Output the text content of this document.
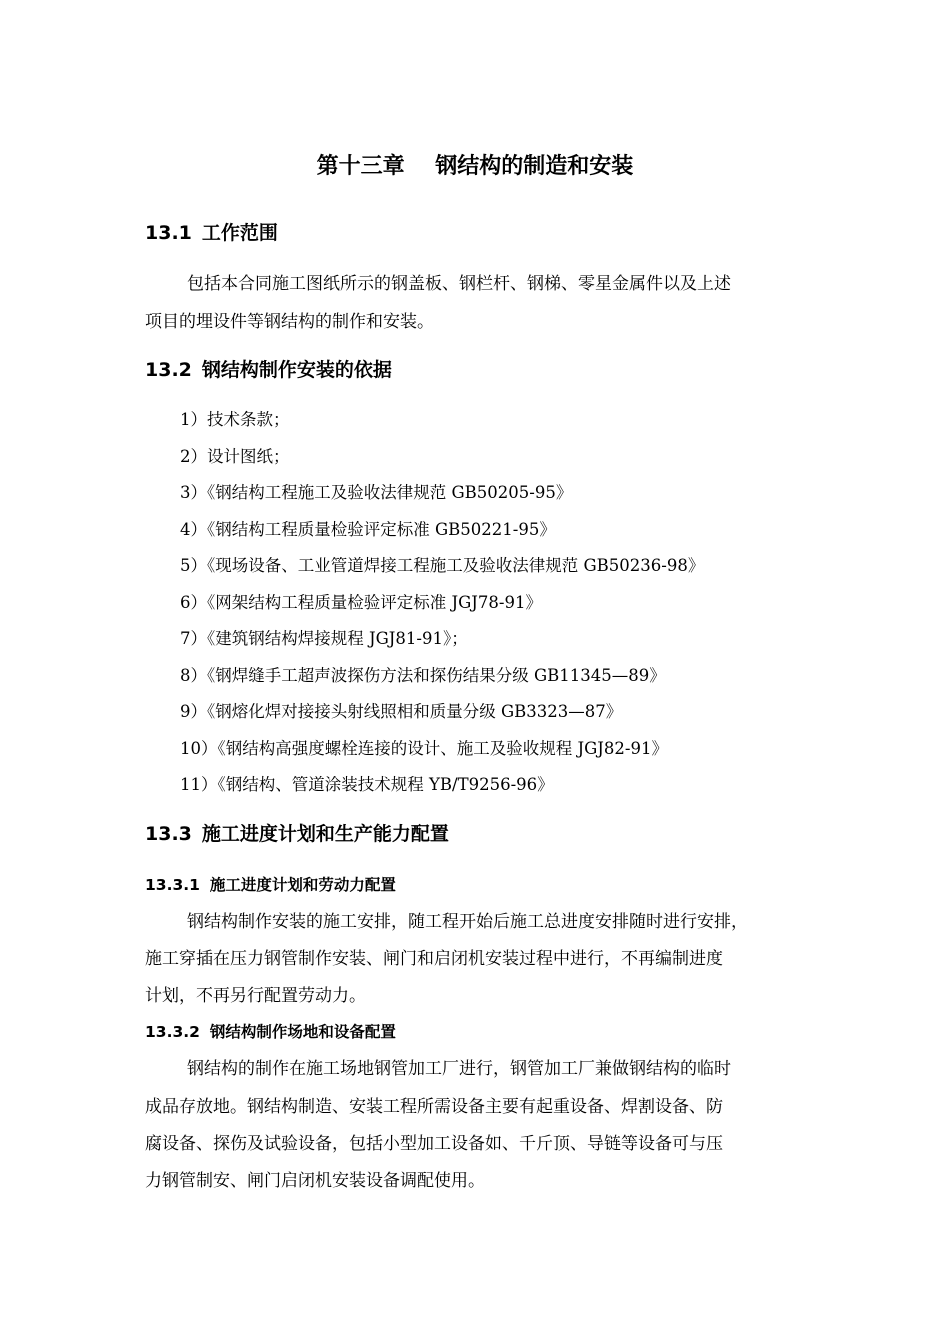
第十三章    钢结构的制造和安装
13.1 工作范围
包括本合同施工图纸所示的钢盖板、钢栏杆、钢梯、零星金属件以及上述
项目的埋设件等钢结构的制作和安装。
13.2 钢结构制作安装的依据
1）技术条款；
2）设计图纸；
3）《钢结构工程施工及验收法律规范 GB50205-95》
4）《钢结构工程质量检验评定标准 GB50221-95》
5）《现场设备、工业管道焊接工程施工及验收法律规范 GB50236-98》
6）《网架结构工程质量检验评定标准 JGJ78-91》
7）《建筑钢结构焊接规程 JGJ81-91》；
8）《钢焊缝手工超声波探伤方法和探伤结果分级 GB11345—89》
9）《钢熔化焊对接接头射线照相和质量分级 GB3323—87》
10）《钢结构高强度螺栓连接的设计、施工及验收规程 JGJ82-91》
11）《钢结构、管道涂装技术规程 YB/T9256-96》
13.3 施工进度计划和生产能力配置
13.3.1 施工进度计划和劳动力配置
钢结构制作安装的施工安排，随工程开始后施工总进度安排随时进行安排，
施工穿插在压力钢管制作安装、闸门和启闭机安装过程中进行，不再编制进度
计划，不再另行配置劳动力。
13.3.2 钢结构制作场地和设备配置
钢结构的制作在施工场地钢管加工厂进行，钢管加工厂兼做钢结构的临时
成品存放地。钢结构制造、安装工程所需设备主要有起重设备、焊割设备、防
腐设备、探伤及试验设备，包括小型加工设备如、千斤顶、导链等设备可与压
力钢管制安、闸门启闭机安装设备调配使用。
